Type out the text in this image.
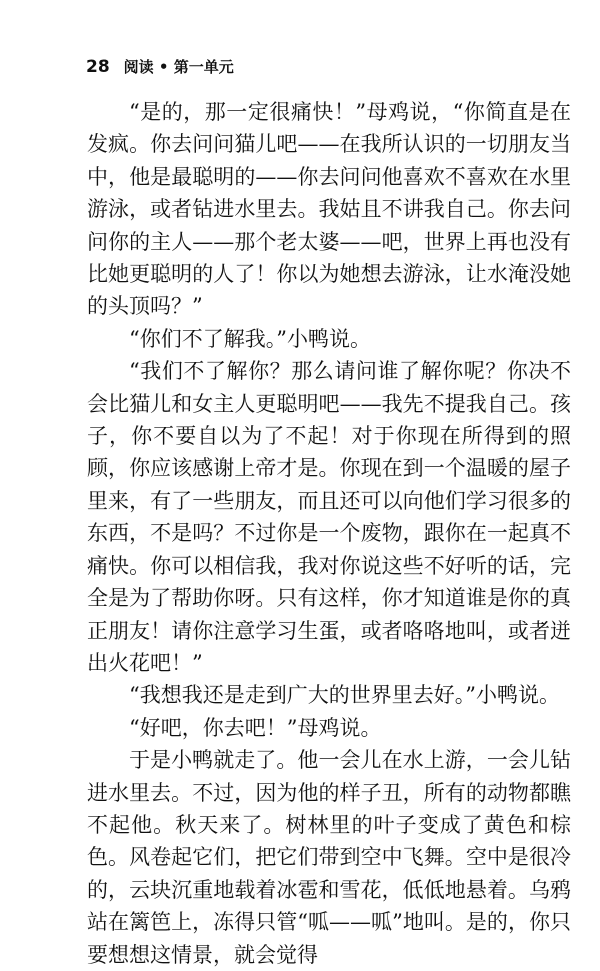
28 阅读 • 第一单元

“是的，那一定很痛快！”母鸡说，“你简直是在发疯。你去问问猫儿吧——在我所认识的一切朋友当中，他是最聪明的——你去问问他喜欢不喜欢在水里游泳，或者钻进水里去。我姑且不讲我自己。你去问问你的主人——那个老太婆——吧，世界上再也没有比她更聪明的人了！你以为她想去游泳，让水淹没她的头顶吗？”

“你们不了解我。”小鸭说。

“我们不了解你？那么请问谁了解你呢？你决不会比猫儿和女主人更聪明吧——我先不提我自己。孩子，你不要自以为了不起！对于你现在所得到的照顾，你应该感谢上帝才是。你现在到一个温暖的屋子里来，有了一些朋友，而且还可以向他们学习很多的东西，不是吗？不过你是一个废物，跟你在一起真不痛快。你可以相信我，我对你说这些不好听的话，完全是为了帮助你呀。只有这样，你才知道谁是你的真正朋友！请你注意学习生蛋，或者咯咯地叫，或者迸出火花吧！”

“我想我还是走到广大的世界里去好。”小鸭说。

“好吧，你去吧！”母鸡说。

于是小鸭就走了。他一会儿在水上游，一会儿钻进水里去。不过，因为他的样子丑，所有的动物都瞧不起他。秋天来了。树林里的叶子变成了黄色和棕色。风卷起它们，把它们带到空中飞舞。空中是很冷的，云块沉重地载着冰雹和雪花，低低地悬着。乌鸦站在篱笆上，冻得只管“呱——呱”地叫。是的，你只要想想这情景，就会觉得
